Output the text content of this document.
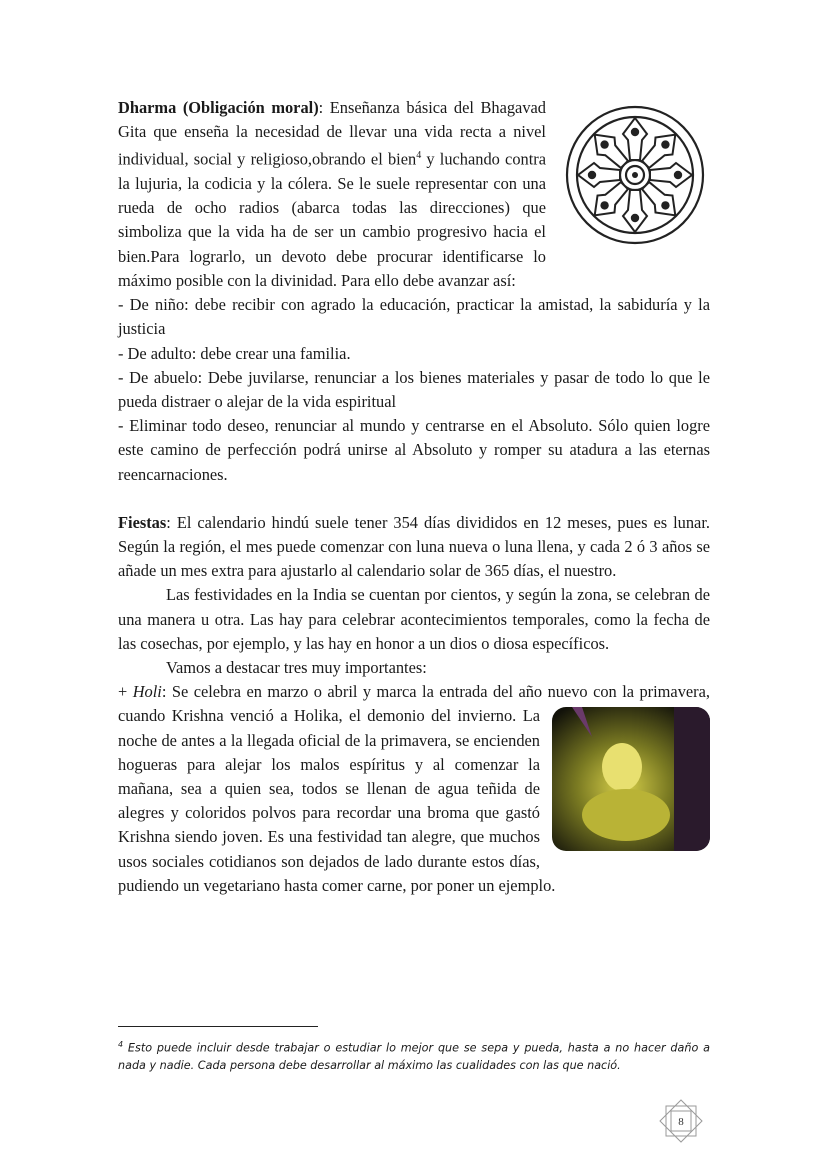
Dharma (Obligación moral): Enseñanza básica del Bhagavad Gita que enseña la necesidad de llevar una vida recta a nivel individual, social y religioso,obrando el bien$^4$ y luchando contra la lujuria, la codicia y la cólera. Se le suele representar con una rueda de ocho radios (abarca todas las direcciones) que simboliza que la vida ha de ser un cambio progresivo hacia el bien.Para lograrlo, un devoto debe procurar identificarse lo máximo posible con la divinidad. Para ello debe avanzar así:

- De niño: debe recibir con agrado la educación, practicar la amistad, la sabiduría y la justicia

- De adulto: debe crear una familia.

- De abuelo: Debe juvilarse, renunciar a los bienes materiales y pasar de todo lo que le pueda distraer o alejar de la vida espiritual

- Eliminar todo deseo, renunciar al mundo y centrarse en el Absoluto. Sólo quien logre este camino de perfección podrá unirse al Absoluto y romper su atadura a las eternas reencarnaciones.

Fiestas: El calendario hindú suele tener 354 días divididos en 12 meses, pues es lunar. Según la región, el mes puede comenzar con luna nueva o luna llena, y cada 2 ó 3 años se añade un mes extra para ajustarlo al calendario solar de 365 días, el nuestro.

Las festividades en la India se cuentan por cientos, y según la zona, se celebran de una manera u otra. Las hay para celebrar acontecimientos temporales, como la fecha de las cosechas, por ejemplo, y las hay en honor a un dios o diosa específicos.

Vamos a destacar tres muy importantes:

+ Holi: Se celebra en marzo o abril y marca la entrada del año nuevo con la primavera, cuando Krishna venció a Holika, el demonio del invierno.
La noche de antes a la llegada oficial de la primavera, se encienden hogueras para alejar los malos espíritus y al comenzar la mañana, sea a quien sea, todos se llenan de agua teñida de alegres y coloridos polvos para recordar una broma que gastó Krishna siendo joven. Es una festividad tan alegre, que muchos usos sociales cotidianos son dejados de lado durante estos días, pudiendo un vegetariano hasta comer carne, por poner un ejemplo.

$^4$ Esto puede incluir desde trabajar o estudiar lo mejor que se sepa y pueda, hasta a no hacer daño a nada y nadie. Cada persona debe desarrollar al máximo las cualidades con las que nació.
8
